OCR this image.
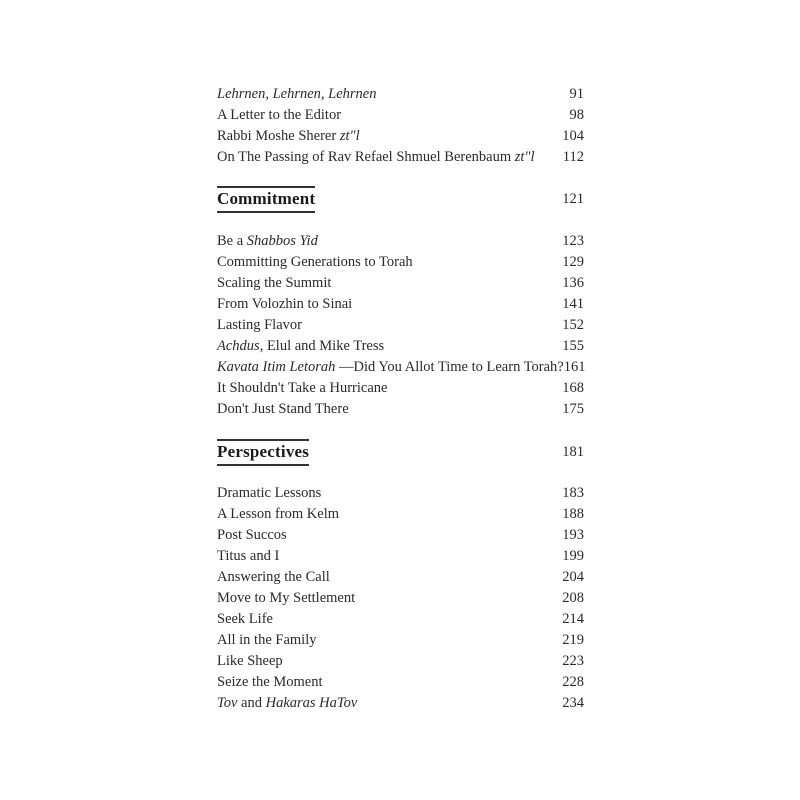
Lehrnen, Lehrnen, Lehrnen	91
A Letter to the Editor	98
Rabbi Moshe Sherer zt"l	104
On The Passing of Rav Refael Shmuel Berenbaum zt"l 112
Commitment	121
Be a Shabbos Yid	123
Committing Generations to Torah	129
Scaling the Summit	136
From Volozhin to Sinai	141
Lasting Flavor	152
Achdus, Elul and Mike Tress	155
Kavata Itim Letorah —Did You Allot Time to Learn Torah? 161
It Shouldn't Take a Hurricane	168
Don't Just Stand There	175
Perspectives	181
Dramatic Lessons	183
A Lesson from Kelm	188
Post Succos	193
Titus and I	199
Answering the Call	204
Move to My Settlement	208
Seek Life	214
All in the Family	219
Like Sheep	223
Seize the Moment	228
Tov and Hakaras HaTov	234
